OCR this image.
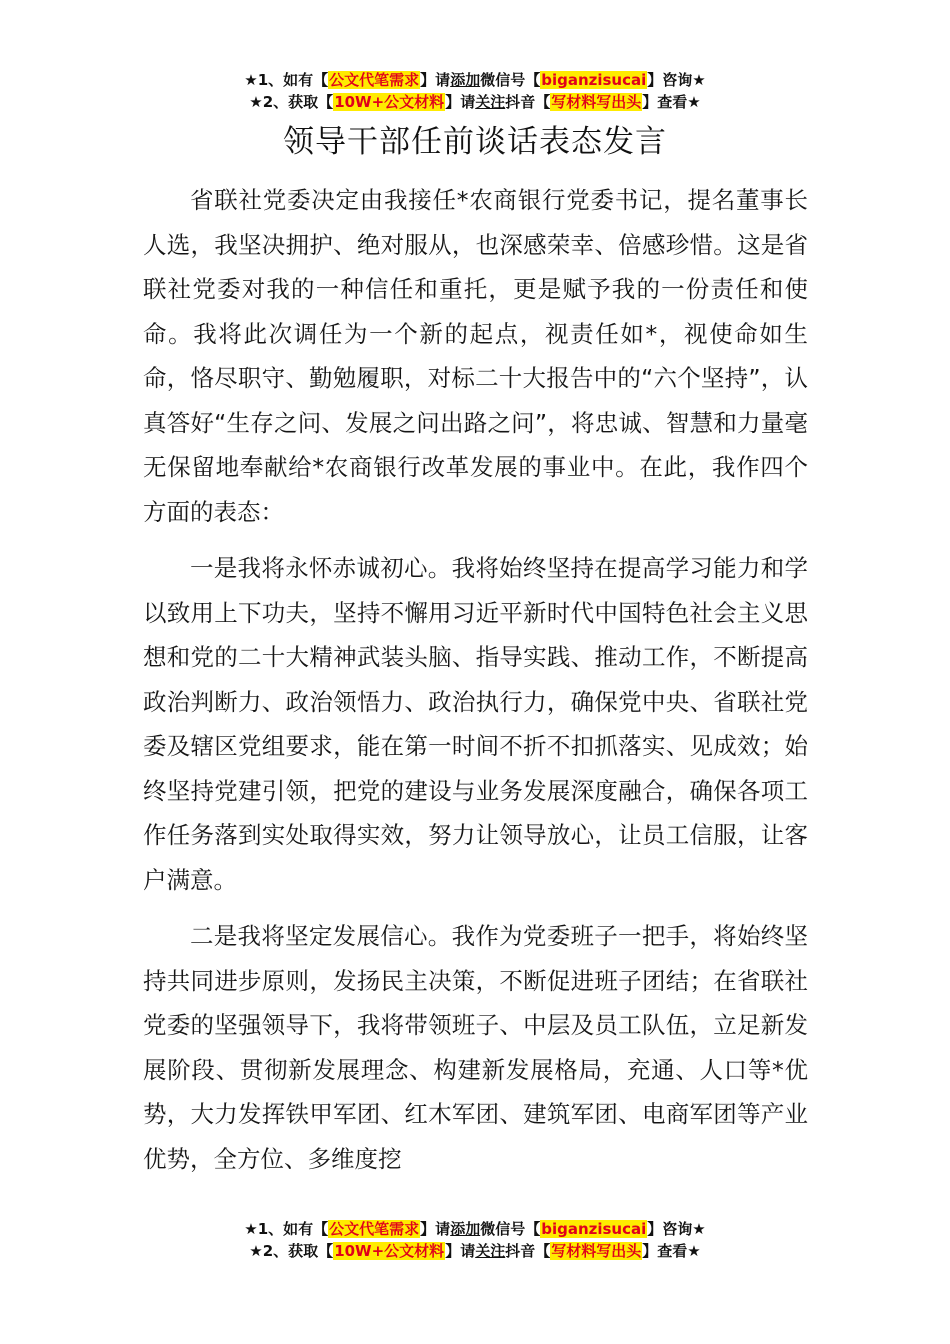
★1、如有【公文代笔需求】请添加微信号【biganzisucai】咨询★
★2、获取【10W+公文材料】请关注抖音【写材料写出头】查看★
领导干部任前谈话表态发言

省联社党委决定由我接任*农商银行党委书记，提名董事长人选，我坚决拥护、绝对服从，也深感荣幸、倍感珍惜。这是省联社党委对我的一种信任和重托，更是赋予我的一份责任和使命。我将此次调任为一个新的起点，视责任如*，视使命如生命，恪尽职守、勤勉履职，对标二十大报告中的“六个坚持”，认真答好“生存之问、发展之问出路之问”，将忠诚、智慧和力量毫无保留地奉献给*农商银行改革发展的事业中。在此，我作四个方面的表态：

一是我将永怀赤诚初心。我将始终坚持在提高学习能力和学以致用上下功夫，坚持不懈用习近平新时代中国特色社会主义思想和党的二十大精神武装头脑、指导实践、推动工作，不断提高政治判断力、政治领悟力、政治执行力，确保党中央、省联社党委及辖区党组要求，能在第一时间不折不扣抓落实、见成效；始终坚持党建引领，把党的建设与业务发展深度融合，确保各项工作任务落到实处取得实效，努力让领导放心，让员工信服，让客户满意。

二是我将坚定发展信心。我作为党委班子一把手，将始终坚持共同进步原则，发扬民主决策，不断促进班子团结；在省联社党委的坚强领导下，我将带领班子、中层及员工队伍，立足新发展阶段、贯彻新发展理念、构建新发展格局，充通、人口等*优势，大力发挥铁甲军团、红木军团、建筑军团、电商军团等产业优势，全方位、多维度挖

★1、如有【公文代笔需求】请添加微信号【biganzisucai】咨询★
★2、获取【10W+公文材料】请关注抖音【写材料写出头】查看★
